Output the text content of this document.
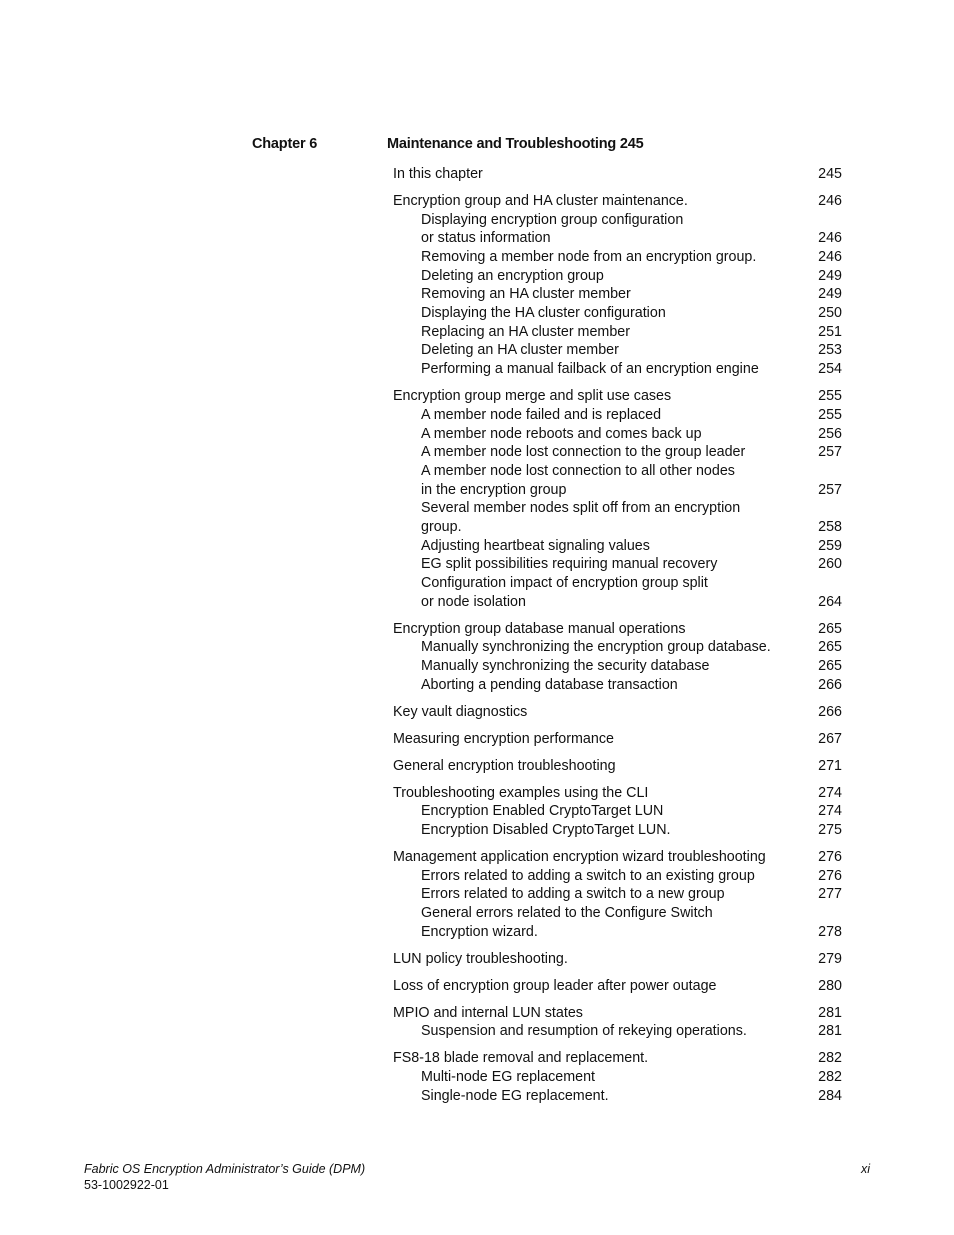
Chapter 6	Maintenance and Troubleshooting 245
In this chapter	245
Encryption group and HA cluster maintenance.	246
Displaying encryption group configuration
or status information	246
Removing a member node from an encryption group.	246
Deleting an encryption group	249
Removing an HA cluster member	249
Displaying the HA cluster configuration	250
Replacing an HA cluster member	251
Deleting an HA cluster member	253
Performing a manual failback of an encryption engine	254
Encryption group merge and split use cases	255
A member node failed and is replaced	255
A member node reboots and comes back up	256
A member node lost connection to the group leader	257
A member node lost connection to all other nodes
in the encryption group	257
Several member nodes split off from an encryption
group.	258
Adjusting heartbeat signaling values	259
EG split possibilities requiring manual recovery	260
Configuration impact of encryption group split
or node isolation	264
Encryption group database manual operations	265
Manually synchronizing the encryption group database.	265
Manually synchronizing the security database	265
Aborting a pending database transaction	266
Key vault diagnostics	266
Measuring encryption performance	267
General encryption troubleshooting	271
Troubleshooting examples using the CLI	274
Encryption Enabled CryptoTarget LUN	274
Encryption Disabled CryptoTarget LUN.	275
Management application encryption wizard troubleshooting	276
Errors related to adding a switch to an existing group	276
Errors related to adding a switch to a new group	277
General errors related to the Configure Switch
Encryption wizard.	278
LUN policy troubleshooting.	279
Loss of encryption group leader after power outage	280
MPIO and internal LUN states	281
Suspension and resumption of rekeying operations.	281
FS8-18 blade removal and replacement.	282
Multi-node EG replacement	282
Single-node EG replacement.	284
Fabric OS Encryption Administrator’s Guide (DPM)
53-1002922-01
xi
